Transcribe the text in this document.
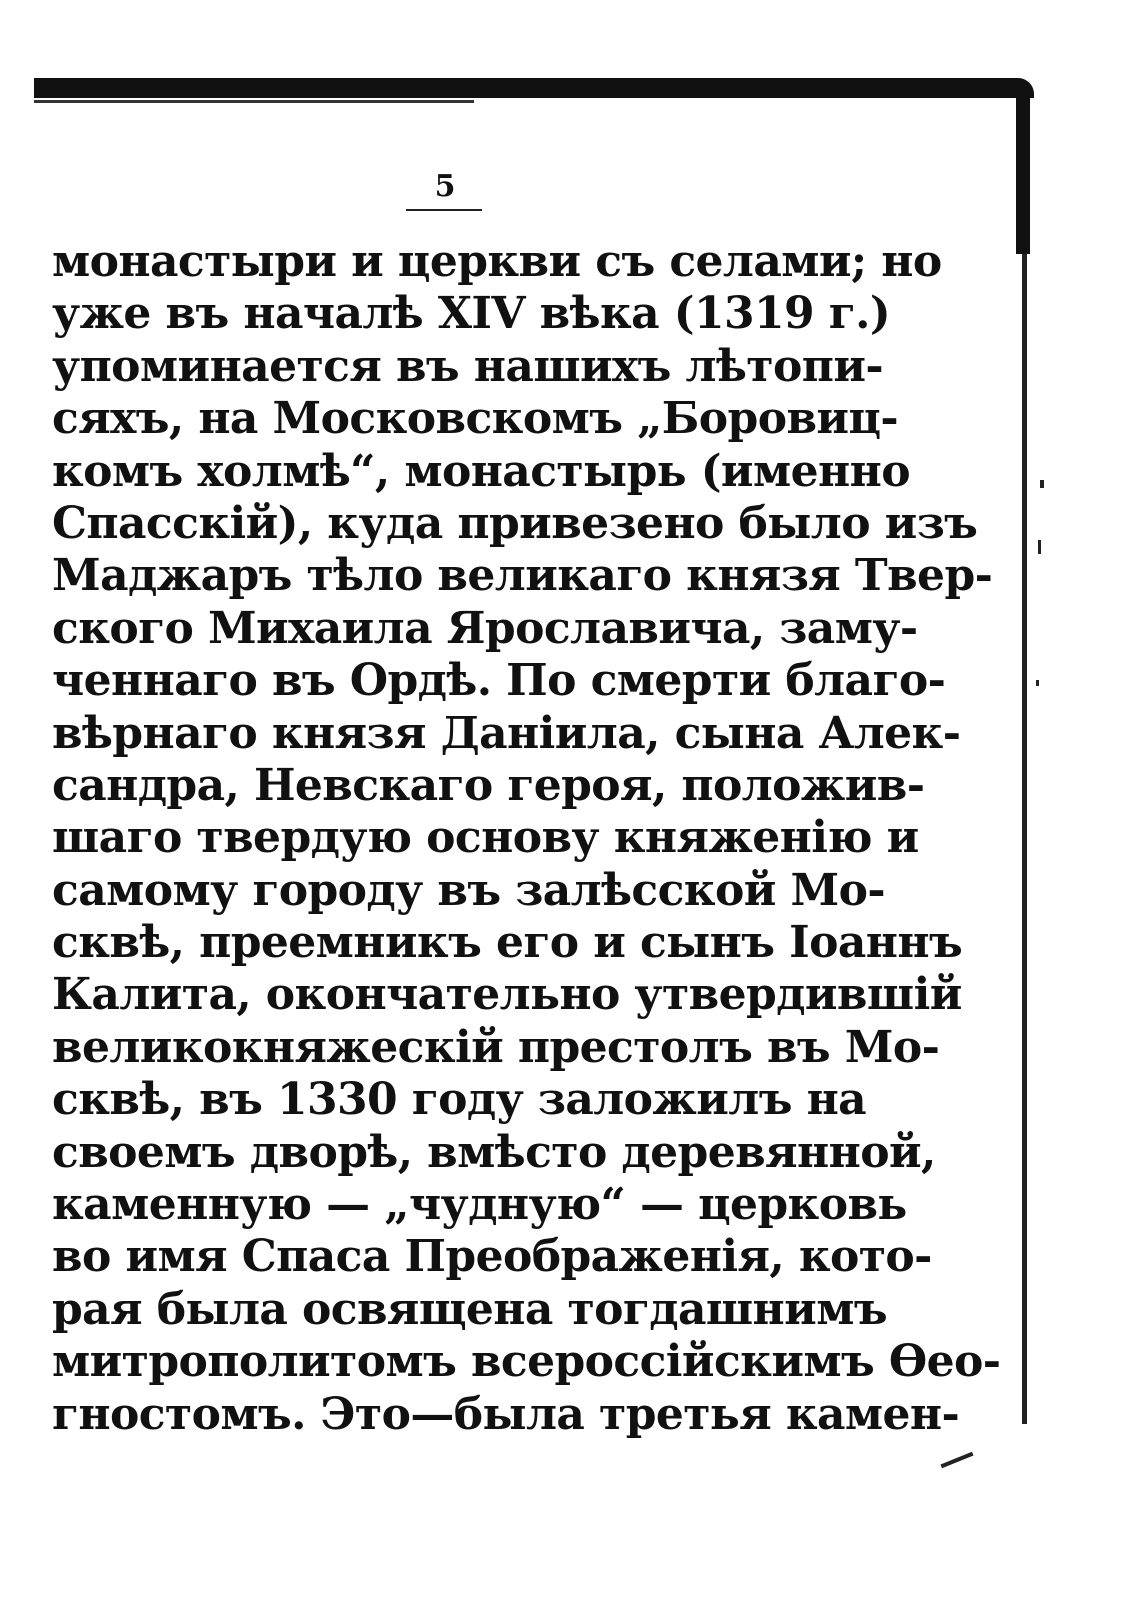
5
монастыри и церкви съ селами; но
уже въ началѣ XIV вѣка (1319 г.)
упоминается въ нашихъ лѣтопи-
сяхъ, на Московскомъ „Боровиц-
комъ холмѣ“, монастырь (именно
Спасскій), куда привезено было изъ
Маджаръ тѣло великаго князя Твер-
ского Михаила Ярославича, заму-
ченнаго въ Ордѣ. По смерти благо-
вѣрнаго князя Даніила, сына Алек-
сандра, Невскаго героя, положив-
шаго твердую основу княженію и
самому городу въ залѣсской Мо-
сквѣ, преемникъ его и сынъ Іоаннъ
Калита, окончательно утвердившій
великокняжескій престолъ въ Мо-
сквѣ, въ 1330 году заложилъ на
своемъ дворѣ, вмѣсто деревянной,
каменную — „чудную“ — церковь
во имя Спаса Преображенія, кото-
рая была освящена тогдашнимъ
митрополитомъ всероссійскимъ Ѳео-
гностомъ. Это—была третья камен-
